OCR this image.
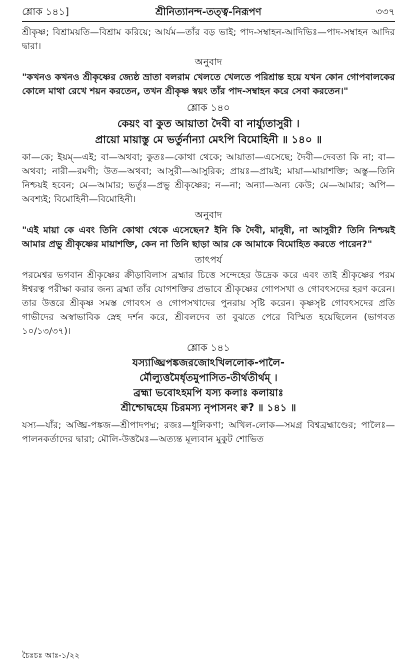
শ্লোক ১৪১]	শ্রীনিত্যানন্দ-তত্ত্ব-নিরূপণ	৩৩৭

শ্রীকৃষ্ণ; বিশ্রাময়তি—বিশ্রাম করিয়ে; আর্যম—তাঁর বড় ভাই; পাদ-সম্বাহন-আদিভিঃ—পাদ-সম্বাহন আদির দ্বারা।

অনুবাদ

"কখনও কখনও শ্রীকৃষ্ণের জ্যেষ্ঠ ভ্রাতা বলরাম খেলতে খেলতে পরিশ্রান্ত হয়ে যখন কোন গোপবালকের কোলে মাথা রেখে শয়ন করতেন, তখন শ্রীকৃষ্ণ স্বয়ং তাঁর পাদ-সম্বাহন করে সেবা করতেন।"

শ্লোক ১৪০

কেয়ং বা কুত আয়াতা দৈবী বা নার্য্যুতাসুরী ।

প্রায়ো মায়াস্তু মে ভর্তুর্নান্যা মেঽপি বিমোহিনী ॥ ১৪০ ॥

কা—কে; ইয়ম্—এই; বা—অথবা; কুতঃ—কোথা থেকে; আয়াতা—এসেছে; দৈবী—দেবতা কি না; বা—অথবা; নারী—রমণী; উত—অথবা; আসুরী—আসুরিক; প্রায়ঃ—প্রায়ই; মায়া—মায়াশক্তি; অস্তু—তিনি নিশ্চয়ই হবেন; মে—আমার; ভর্তুঃ—প্রভু শ্রীকৃষ্ণের; ন—না; অন্যা—অন্য কেউ; মে—আমার; অপি—অবশ্যই; বিমোহিনী—বিমোহিনী।

অনুবাদ

"এই মায়া কে এবং তিনি কোথা থেকে এসেছেন? ইনি কি দৈবী, মানুষী, না আসুরী? তিনি নিশ্চয়ই আমার প্রভু শ্রীকৃষ্ণের মায়াশক্তি, কেন না তিনি ছাড়া আর কে আমাকে বিমোহিত করতে পারেন?"

তাৎপর্য

পরমেশ্বর ভগবান শ্রীকৃষ্ণের ক্রীড়াবিলাস ব্রহ্মার চিত্তে সন্দেহের উদ্রেক করে এবং তাই শ্রীকৃষ্ণের পরম ঈশ্বরত্ব পরীক্ষা করার জন্য ব্রহ্মা তাঁর যোগশক্তির প্রভাবে শ্রীকৃষ্ণের গোপসখা ও গোবৎসদের হরণ করেন। তার উত্তরে শ্রীকৃষ্ণ সমস্ত গোবৎস ও গোপসখাদের পুনরায় সৃষ্টি করেন। কৃষ্ণসৃষ্ট গোবৎসদের প্রতি গাভীদের অস্বাভাবিক স্নেহ দর্শন করে, শ্রীবলদেব তা বুঝতে পেরে বিস্মিত হয়েছিলেন (ভাগবত ১০/১৩/৩৭)।

শ্লোক ১৪১

যস্যাঙ্ঘ্রিপঙ্কজরজোঽখিললোক-পালৈ-

র্মৌল্যুত্তমৈর্ধৃতমুপাসিত-তীর্থতীর্থম্ ।

ব্রহ্মা ভবোঽহমপি যস্য কলাঃ কলায়াঃ

শ্রীশ্চোদ্বহেম চিরমস্য নৃপাসনং ক্ব? ॥ ১৪১ ॥

যস্য—যাঁর; অঙ্ঘ্রি-পঙ্কজ—শ্রীপাদপদ্ম; রজঃ—ধূলিকণা; অখিল-লোক—সমগ্র বিশ্বব্রহ্মাণ্ডের; পালৈঃ—পালনকর্তাদের দ্বারা; মৌলি-উত্তমৈঃ—অত্যন্ত মূল্যবান মুকুট শোভিত

চৈঃচঃ আঃ-১/২২
